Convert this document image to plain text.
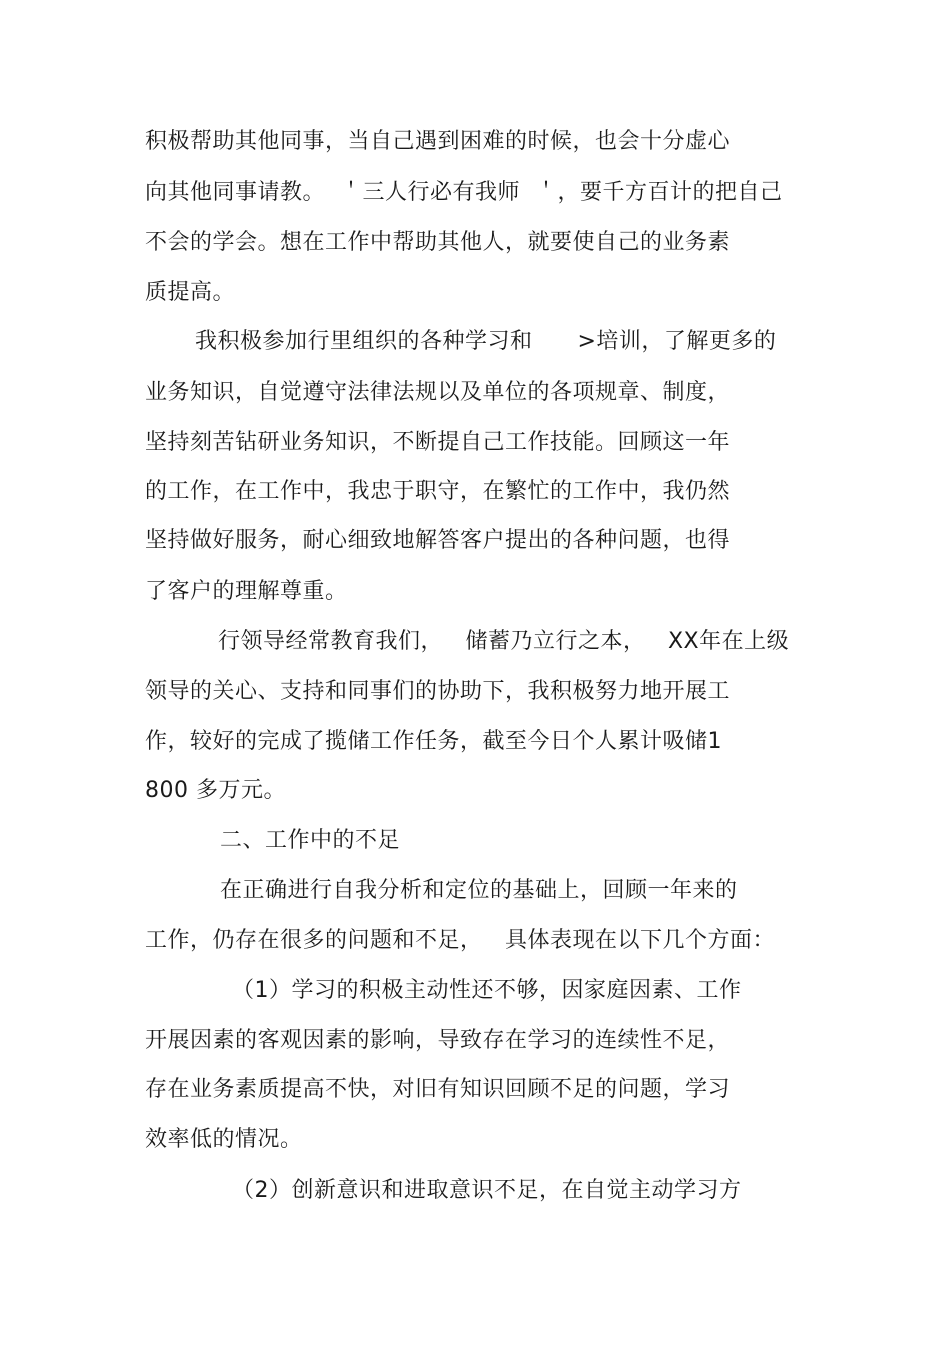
积极帮助其他同事，当自己遇到困难的时候，也会十分虚心
向其他同事请教。  ＇三人行必有我师  ＇，要千方百计的把自己
不会的学会。想在工作中帮助其他人，就要使自己的业务素
质提高。
我积极参加行里组织的各种学习和      >培训，了解更多的
业务知识，自觉遵守法律法规以及单位的各项规章、制度，
坚持刻苦钻研业务知识，不断提自己工作技能。回顾这一年
的工作，在工作中，我忠于职守，在繁忙的工作中，我仍然
坚持做好服务，耐心细致地解答客户提出的各种问题，也得
了客户的理解尊重。
行领导经常教育我们，   储蓄乃立行之本，   XX年在上级
领导的关心、支持和同事们的协助下，我积极努力地开展工
作，较好的完成了揽储工作任务，截至今日个人累计吸储1
800 多万元。
二、工作中的不足
在正确进行自我分析和定位的基础上，回顾一年来的
工作，仍存在很多的问题和不足，   具体表现在以下几个方面：
（1）学习的积极主动性还不够，因家庭因素、工作
开展因素的客观因素的影响，导致存在学习的连续性不足，
存在业务素质提高不快，对旧有知识回顾不足的问题，学习
效率低的情况。
（2）创新意识和进取意识不足，在自觉主动学习方
